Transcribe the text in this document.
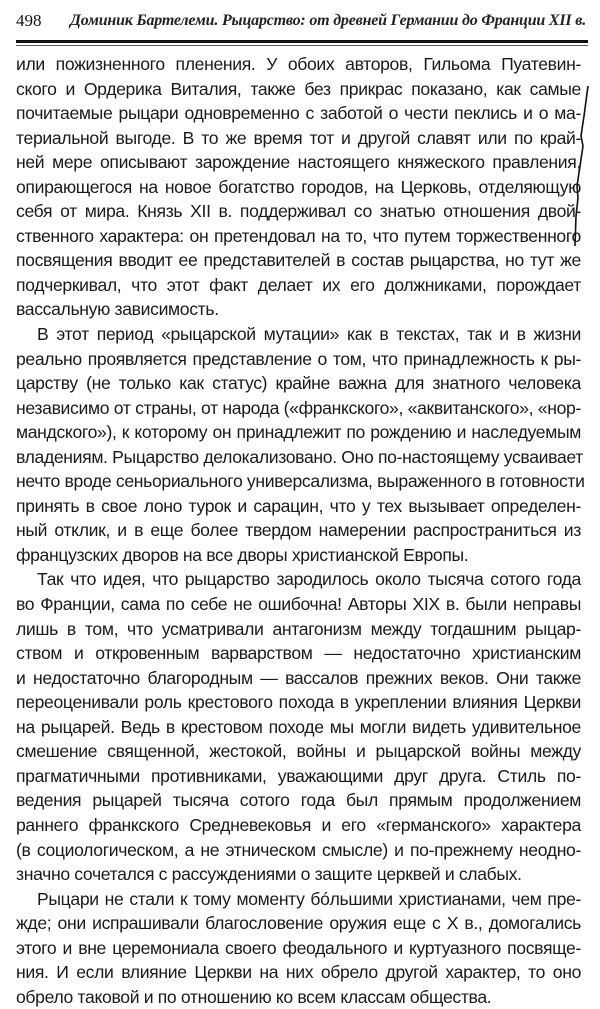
498 Доминик Бартелеми. Рыцарство: от древней Германии до Франции XII в.
или пожизненного пленения. У обоих авторов, Гильома Пуатевин-
ского и Ордерика Виталия, также без прикрас показано, как самые
почитаемые рыцари одновременно с заботой о чести пеклись и о ма-
териальной выгоде. В то же время тот и другой славят или по край-
ней мере описывают зарождение настоящего княжеского правления,
опирающегося на новое богатство городов, на Церковь, отделяющую
себя от мира. Князь XII в. поддерживал со знатью отношения двой-
ственного характера: он претендовал на то, что путем торжественного
посвящения вводит ее представителей в состав рыцарства, но тут же
подчеркивал, что этот факт делает их его должниками, порождает
вассальную зависимость.
В этот период «рыцарской мутации» как в текстах, так и в жизни
реально проявляется представление о том, что принадлежность к ры-
царству (не только как статус) крайне важна для знатного человека
независимо от страны, от народа («франкского», «аквитанского», «нор-
мандского»), к которому он принадлежит по рождению и наследуемым
владениям. Рыцарство делокализовано. Оно по-настоящему усваивает
нечто вроде сеньориального универсализма, выраженного в готовности
принять в свое лоно турок и сарацин, что у тех вызывает определен-
ный отклик, и в еще более твердом намерении распространиться из
французских дворов на все дворы христианской Европы.
Так что идея, что рыцарство зародилось около тысяча сотого года
во Франции, сама по себе не ошибочна! Авторы XIX в. были неправы
лишь в том, что усматривали антагонизм между тогдашним рыцар-
ством и откровенным варварством — недостаточно христианским
и недостаточно благородным — вассалов прежних веков. Они также
переоценивали роль крестового похода в укреплении влияния Церкви
на рыцарей. Ведь в крестовом походе мы могли видеть удивительное
смешение священной, жестокой, войны и рыцарской войны между
прагматичными противниками, уважающими друг друга. Стиль по-
ведения рыцарей тысяча сотого года был прямым продолжением
раннего франкского Средневековья и его «германского» характера
(в социологическом, а не этническом смысле) и по-прежнему неодно-
значно сочетался с рассуждениями о защите церквей и слабых.
Рыцари не стали к тому моменту бóльшими христианами, чем пре-
жде; они испрашивали благословение оружия еще с X в., домогались
этого и вне церемониала своего феодального и куртуазного посвяще-
ния. И если влияние Церкви на них обрело другой характер, то оно
обрело таковой и по отношению ко всем классам общества.
